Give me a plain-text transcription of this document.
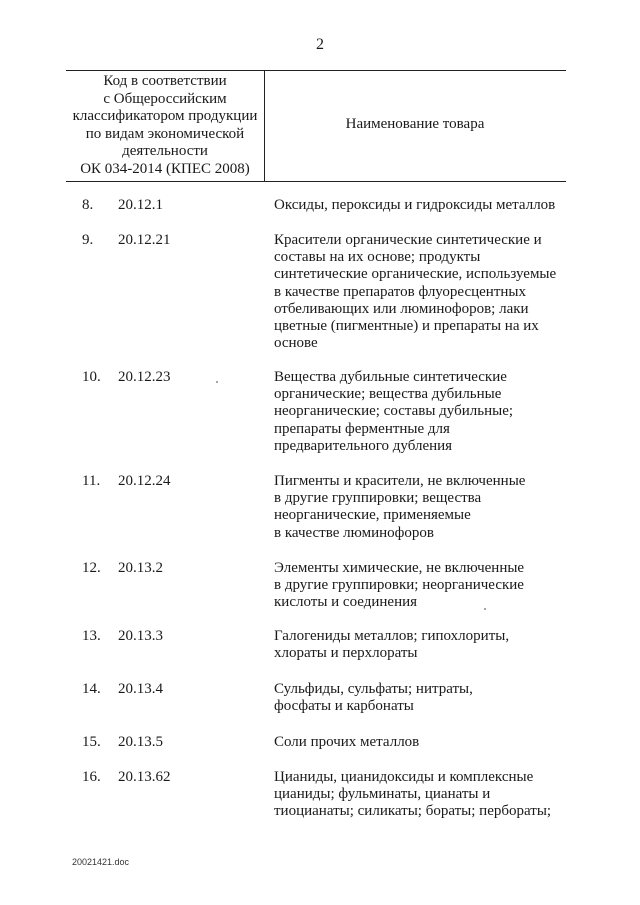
2
Код в соответствии
с Общероссийским
классификатором продукции
по видам экономической
деятельности
ОК 034-2014 (КПЕС 2008)
Наименование товара
8. 20.12.1	Оксиды, пероксиды и гидроксиды металлов
9. 20.12.21	Красители органические синтетические и
составы на их основе; продукты
синтетические органические, используемые
в качестве препаратов флуоресцентных
отбеливающих или люминофоров; лаки
цветные (пигментные) и препараты на их
основе
10. 20.12.23	Вещества дубильные синтетические
органические; вещества дубильные
неорганические; составы дубильные;
препараты ферментные для
предварительного дубления
11. 20.12.24	Пигменты и красители, не включенные
в другие группировки; вещества
неорганические, применяемые
в качестве люминофоров
12. 20.13.2	Элементы химические, не включенные
в другие группировки; неорганические
кислоты и соединения
13. 20.13.3	Галогениды металлов; гипохлориты,
хлораты и перхлораты
14. 20.13.4	Сульфиды, сульфаты; нитраты,
фосфаты и карбонаты
15. 20.13.5	Соли прочих металлов
16. 20.13.62	Цианиды, цианидоксиды и комплексные
цианиды; фульминаты, цианаты и
тиоцианаты; силикаты; бораты; пербораты;
20021421.doc
